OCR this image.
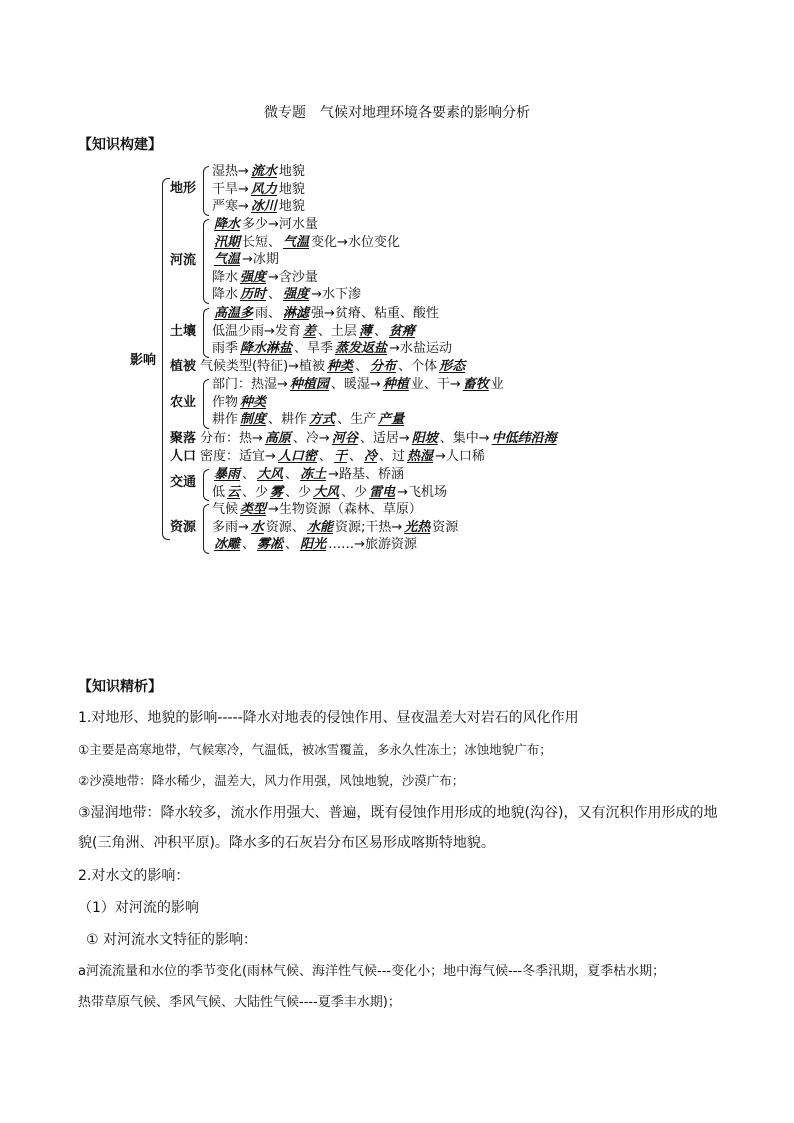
微专题　气候对地理环境各要素的影响分析
【知识构建】
影响
地形
湿热→ 流水 地貌
干旱→ 风力 地貌
严寒→ 冰川 地貌
河流
降水 多少→河水量
汛期 长短、 气温 变化→水位变化
气温 →冰期
降水 强度 →含沙量
降水 历时 、 强度 →水下渗
土壤
高温多 雨、 淋滤 强→贫瘠、粘重、酸性
低温少雨→发育 差 、土层 薄 、 贫瘠
雨季 降水淋盐 、旱季 蒸发返盐 →水盐运动
植被 气候类型(特征)→植被 种类 、 分布 、个体 形态
农业
部门：热湿→ 种植园 、暖湿→ 种植 业、干→ 畜牧 业
作物 种类
耕作 制度 、耕作 方式 、生产 产量
聚落 分布：热→ 高原 、冷→ 河谷 、适居→ 阳坡 、集中→ 中低纬沿海
人口 密度：适宜→ 人口密 、 干 、 冷 、过 热湿 →人口稀
交通
暴雨 、 大风 、 冻土 →路基、桥涵
低 云 、少 雾 、少 大风 、少 雷电 →飞机场
资源
气候 类型 →生物资源（森林、草原）
多雨→ 水 资源、 水能 资源;干热→ 光热 资源
冰雕 、 雾凇 、 阳光 ……→旅游资源
【知识精析】
1.对地形、地貌的影响-----降水对地表的侵蚀作用、昼夜温差大对岩石的风化作用
①主要是高寒地带，气候寒冷，气温低，被冰雪覆盖，多永久性冻土；冰蚀地貌广布；
②沙漠地带：降水稀少，温差大，风力作用强，风蚀地貌，沙漠广布；
③湿润地带：降水较多，流水作用强大、普遍，既有侵蚀作用形成的地貌(沟谷)，又有沉积作用形成的地
貌(三角洲、冲积平原)。降水多的石灰岩分布区易形成喀斯特地貌。
2.对水文的影响：
（1）对河流的影响
① 对河流水文特征的影响：
a河流流量和水位的季节变化(雨林气候、海洋性气候---变化小；地中海气候---冬季汛期，夏季枯水期；
热带草原气候、季风气候、大陆性气候----夏季丰水期)；
